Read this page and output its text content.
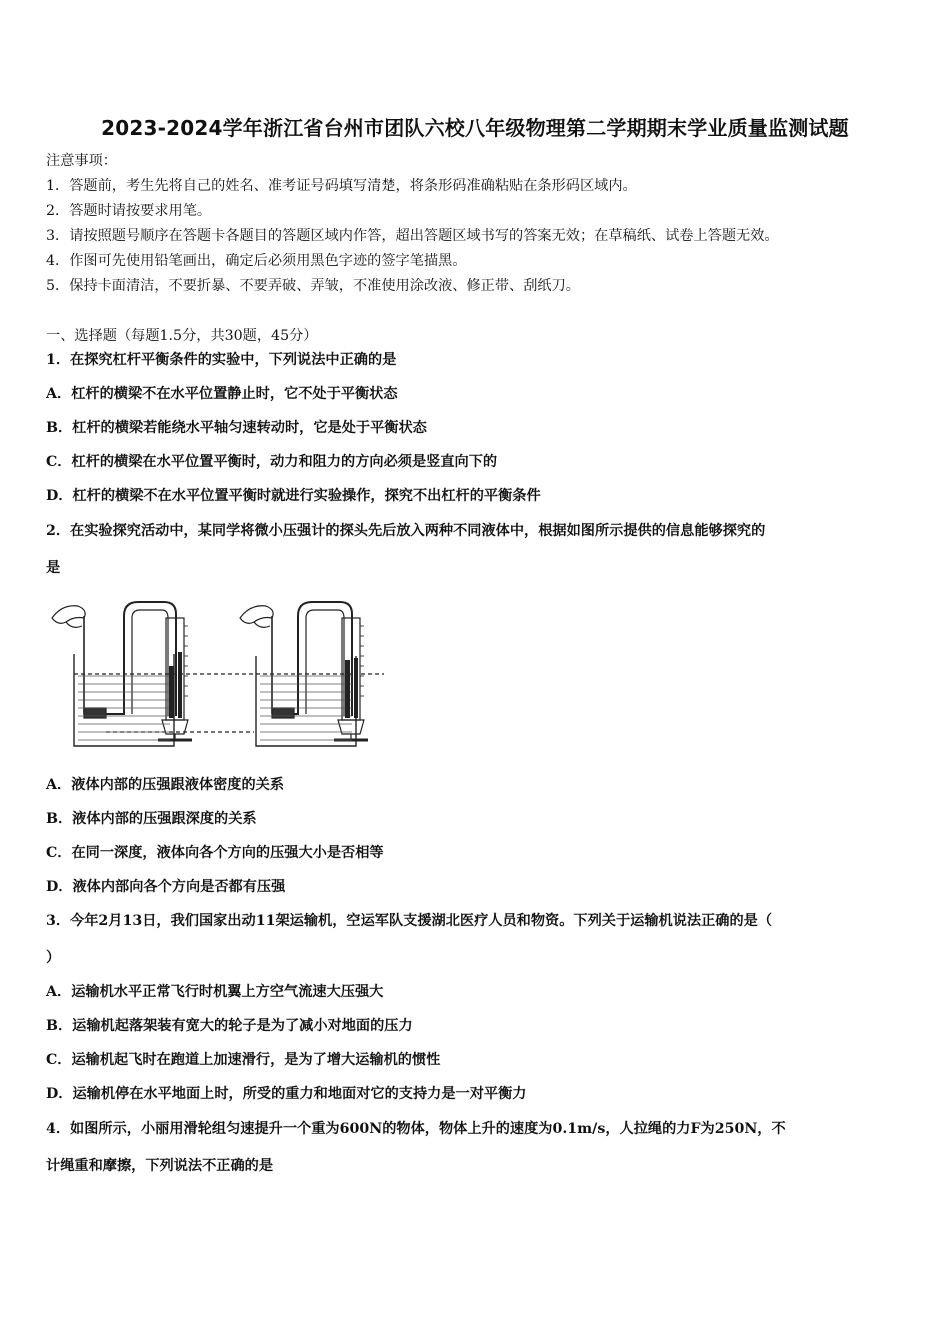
2023-2024学年浙江省台州市团队六校八年级物理第二学期期末学业质量监测试题
注意事项：
1．答题前，考生先将自己的姓名、准考证号码填写清楚，将条形码准确粘贴在条形码区域内。
2．答题时请按要求用笔。
3．请按照题号顺序在答题卡各题目的答题区域内作答，超出答题区域书写的答案无效；在草稿纸、试卷上答题无效。
4．作图可先使用铅笔画出，确定后必须用黑色字迹的签字笔描黑。
5．保持卡面清洁，不要折暴、不要弄破、弄皱，不准使用涂改液、修正带、刮纸刀。
一、选择题（每题1.5分，共30题，45分）
1．在探究杠杆平衡条件的实验中，下列说法中正确的是
A．杠杆的横梁不在水平位置静止时，它不处于平衡状态
B．杠杆的横梁若能绕水平轴匀速转动时，它是处于平衡状态
C．杠杆的横梁在水平位置平衡时，动力和阻力的方向必须是竖直向下的
D．杠杆的横梁不在水平位置平衡时就进行实验操作，探究不出杠杆的平衡条件
2．在实验探究活动中，某同学将微小压强计的探头先后放入两种不同液体中，根据如图所示提供的信息能够探究的
是
A．液体内部的压强跟液体密度的关系
B．液体内部的压强跟深度的关系
C．在同一深度，液体向各个方向的压强大小是否相等
D．液体内部向各个方向是否都有压强
3．今年2月13日，我们国家出动11架运输机，空运军队支援湖北医疗人员和物资。下列关于运输机说法正确的是（
）
A．运输机水平正常飞行时机翼上方空气流速大压强大
B．运输机起落架装有宽大的轮子是为了减小对地面的压力
C．运输机起飞时在跑道上加速滑行，是为了增大运输机的惯性
D．运输机停在水平地面上时，所受的重力和地面对它的支持力是一对平衡力
4．如图所示，小丽用滑轮组匀速提升一个重为600N的物体，物体上升的速度为0.1m/s，人拉绳的力F为250N，不
计绳重和摩擦，下列说法不正确的是
